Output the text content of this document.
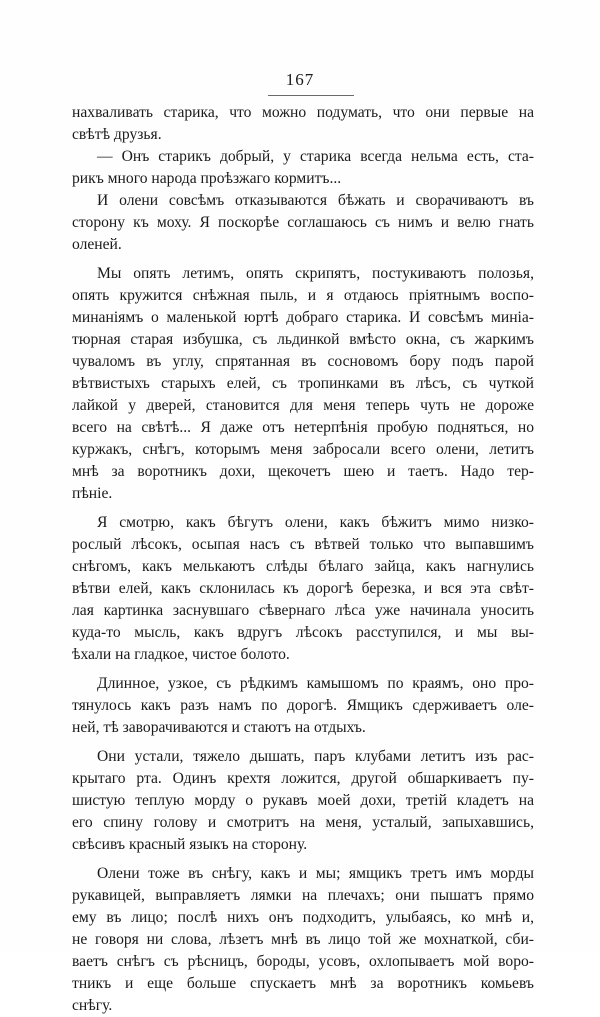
167

нахваливать старика, что можно подумать, что они первые на
свѣтѣ друзья.

— Онъ старикъ добрый, у старика всегда нельма есть, ста-
рикъ много народа проѣзжаго кормитъ...

И олени совсѣмъ отказываются бѣжать и сворачиваютъ въ
сторону къ моху. Я поскорѣе соглашаюсь съ нимъ и велю гнать
оленей.

Мы опять летимъ, опять скрипятъ, постукиваютъ полозья,
опять кружится снѣжная пыль, и я отдаюсь пріятнымъ воспо-
минаніямъ о маленькой юртѣ добраго старика. И совсѣмъ миніа-
тюрная старая избушка, съ льдинкой вмѣсто окна, съ жаркимъ
чуваломъ въ углу, спрятанная въ сосновомъ бору подъ парой
вѣтвистыхъ старыхъ елей, съ тропинками въ лѣсъ, съ чуткой
лайкой у дверей, становится для меня теперь чуть не дороже
всего на свѣтѣ... Я даже отъ нетерпѣнія пробую подняться, но
куржакъ, снѣгъ, которымъ меня забросали всего олени, летитъ
мнѣ за воротникъ дохи, щекочетъ шею и таетъ. Надо тер-
пѣніе.

Я смотрю, какъ бѣгутъ олени, какъ бѣжитъ мимо низко-
рослый лѣсокъ, осыпая насъ съ вѣтвей только что выпавшимъ
снѣгомъ, какъ мелькаютъ слѣды бѣлаго зайца, какъ нагнулись
вѣтви елей, какъ склонилась къ дорогѣ березка, и вся эта свѣт-
лая картинка заснувшаго сѣвернаго лѣса уже начинала уносить
куда-то мысль, какъ вдругъ лѣсокъ расступился, и мы вы-
ѣхали на гладкое, чистое болото.

Длинное, узкое, съ рѣдкимъ камышомъ по краямъ, оно про-
тянулось какъ разъ намъ по дорогѣ. Ямщикъ сдерживаетъ оле-
ней, тѣ заворачиваются и стаютъ на отдыхъ.

Они устали, тяжело дышать, паръ клубами летитъ изъ рас-
крытаго рта. Одинъ крехтя ложится, другой обшаркиваетъ пу-
шистую теплую морду о рукавъ моей дохи, третій кладетъ на
его спину голову и смотритъ на меня, усталый, запыхавшись,
свѣсивъ красный языкъ на сторону.

Олени тоже въ снѣгу, какъ и мы; ямщикъ третъ имъ морды
рукавицей, выправляетъ лямки на плечахъ; они пышатъ прямо
ему въ лицо; послѣ нихъ онъ подходитъ, улыбаясь, ко мнѣ и,
не говоря ни слова, лѣзетъ мнѣ въ лицо той же мохнаткой, сби-
ваетъ снѣгъ съ рѣсницъ, бороды, усовъ, охлопываетъ мой воро-
тникъ и еще больше спускаетъ мнѣ за воротникъ комьевъ
снѣгу.
